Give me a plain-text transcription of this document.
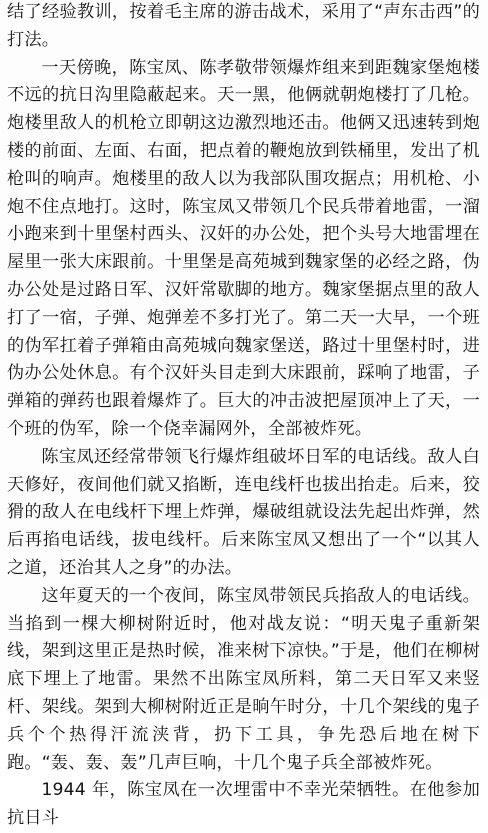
结了经验教训，按着毛主席的游击战术，采用了“声东击西”的打法。

一天傍晚，陈宝凤、陈孝敬带领爆炸组来到距魏家堡炮楼不远的抗日沟里隐蔽起来。天一黑，他俩就朝炮楼打了几枪。炮楼里敌人的机枪立即朝这边激烈地还击。他俩又迅速转到炮楼的前面、左面、右面，把点着的鞭炮放到铁桶里，发出了机枪叫的响声。炮楼里的敌人以为我部队围攻据点；用机枪、小炮不住点地打。这时，陈宝凤又带领几个民兵带着地雷，一溜小跑来到十里堡村西头、汉奸的办公处，把个头号大地雷埋在屋里一张大床跟前。十里堡是高苑城到魏家堡的必经之路，伪办公处是过路日军、汉奸常歇脚的地方。魏家堡据点里的敌人打了一宿，子弹、炮弹差不多打光了。第二天一大早，一个班的伪军扛着子弹箱由高苑城向魏家堡送，路过十里堡村时，进伪办公处休息。有个汉奸头目走到大床跟前，踩响了地雷，子弹箱的弹药也跟着爆炸了。巨大的冲击波把屋顶冲上了天，一个班的伪军，除一个侥幸漏网外，全部被炸死。

陈宝凤还经常带领飞行爆炸组破坏日军的电话线。敌人白天修好，夜间他们就又掐断，连电线杆也拔出抬走。后来，狡猾的敌人在电线杆下埋上炸弹，爆破组就设法先起出炸弹，然后再掐电话线，拔电线杆。后来陈宝凤又想出了一个“以其人之道，还治其人之身”的办法。

这年夏天的一个夜间，陈宝凤带领民兵掐敌人的电话线。当掐到一棵大柳树附近时，他对战友说：“明天鬼子重新架线，架到这里正是热时候，准来树下凉快。”于是，他们在柳树底下埋上了地雷。果然不出陈宝凤所料，第二天日军又来竖杆、架线。架到大柳树附近正是晌午时分，十几个架线的鬼子兵个个热得汗流浃背，扔下工具，争先恐后地在树下跑。“轰、轰、轰”几声巨响，十几个鬼子兵全部被炸死。

1944 年，陈宝凤在一次埋雷中不幸光荣牺牲。在他参加抗日斗
